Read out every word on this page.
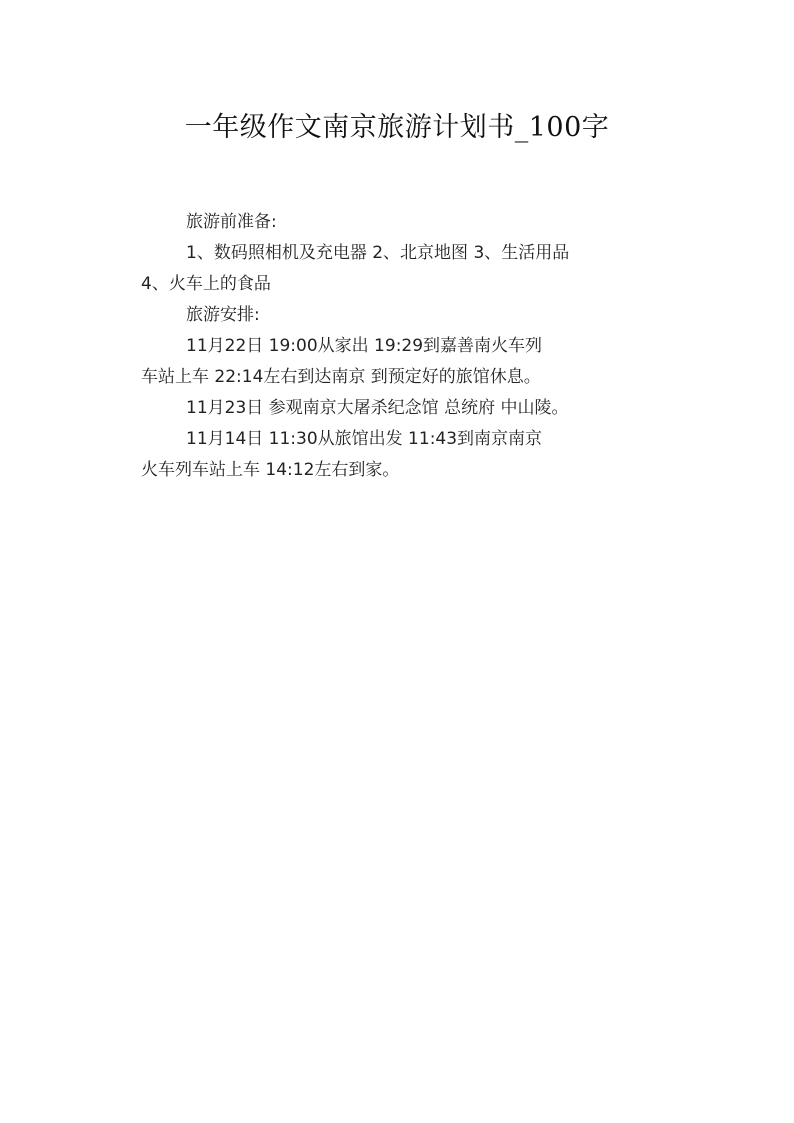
一年级作文南京旅游计划书_100字
旅游前准备:
1、数码照相机及充电器 2、北京地图 3、生活用品
4、火车上的食品
旅游安排:
11月22日 19:00从家出 19:29到嘉善南火车列
车站上车 22:14左右到达南京 到预定好的旅馆休息。
11月23日 参观南京大屠杀纪念馆 总统府 中山陵。
11月14日 11:30从旅馆出发 11:43到南京南京
火车列车站上车 14:12左右到家。
